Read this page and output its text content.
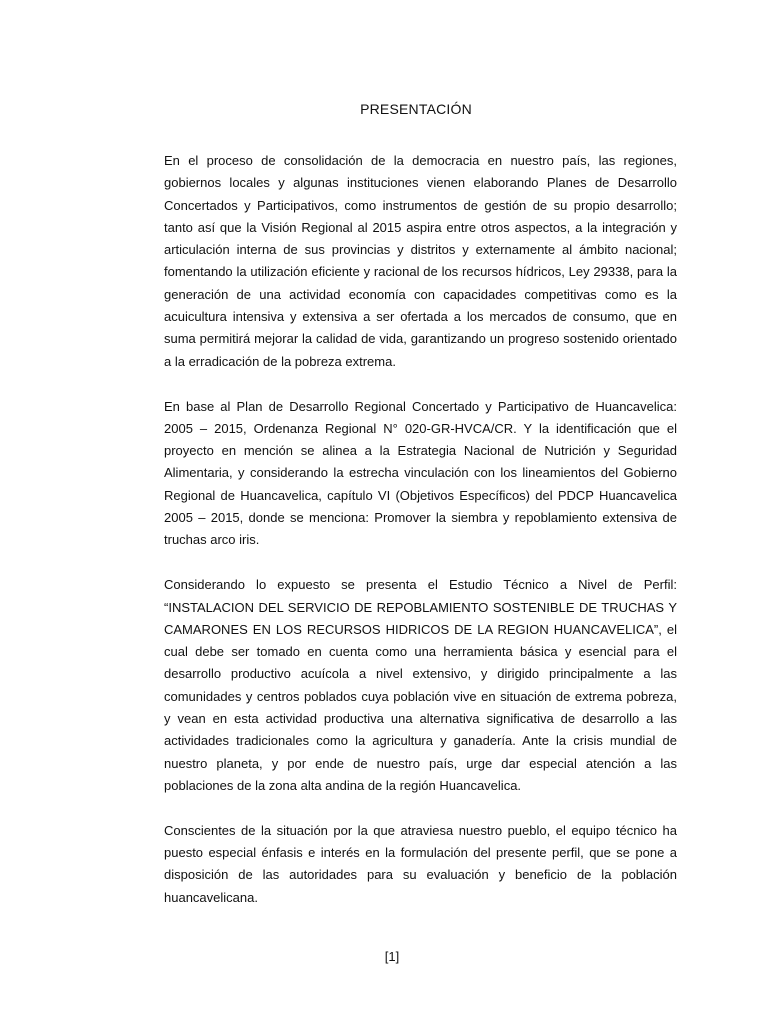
PRESENTACIÓN

En el proceso de consolidación de la democracia en nuestro país, las regiones, gobiernos locales y algunas instituciones vienen elaborando Planes de Desarrollo Concertados y Participativos, como instrumentos de gestión de su propio desarrollo; tanto así que la Visión Regional al 2015 aspira entre otros aspectos, a la integración y articulación interna de sus provincias y distritos y externamente al ámbito nacional; fomentando la utilización eficiente y racional de los recursos hídricos, Ley 29338, para la generación de una actividad economía con capacidades competitivas como es la acuicultura intensiva y extensiva a ser ofertada a los mercados de consumo, que en suma permitirá mejorar la calidad de vida, garantizando un progreso sostenido orientado a la erradicación de la pobreza extrema.

En base al Plan de Desarrollo Regional Concertado y Participativo de Huancavelica: 2005 – 2015, Ordenanza Regional N° 020-GR-HVCA/CR. Y la identificación que el proyecto en mención se alinea a la Estrategia Nacional de Nutrición y Seguridad Alimentaria, y considerando la estrecha vinculación con los lineamientos del Gobierno Regional de Huancavelica, capítulo VI (Objetivos Específicos) del PDCP Huancavelica 2005 – 2015, donde se menciona: Promover la siembra y repoblamiento extensiva de truchas arco iris.

Considerando lo expuesto se presenta el Estudio Técnico a Nivel de Perfil: “INSTALACION DEL SERVICIO DE REPOBLAMIENTO SOSTENIBLE DE TRUCHAS Y CAMARONES EN LOS RECURSOS HIDRICOS DE LA REGION HUANCAVELICA”, el cual debe ser tomado en cuenta como una herramienta básica y esencial para el desarrollo productivo acuícola a nivel extensivo, y dirigido principalmente a las comunidades y centros poblados cuya población vive en situación de extrema pobreza, y vean en esta actividad productiva una alternativa significativa de desarrollo a las actividades tradicionales como la agricultura y ganadería. Ante la crisis mundial de nuestro planeta, y por ende de nuestro país, urge dar especial atención a las poblaciones de la zona alta andina de la región Huancavelica.

Conscientes de la situación por la que atraviesa nuestro pueblo, el equipo técnico ha puesto especial énfasis e interés en la formulación del presente perfil, que se pone a disposición de las autoridades para su evaluación y beneficio de la población huancavelicana.

[1]
